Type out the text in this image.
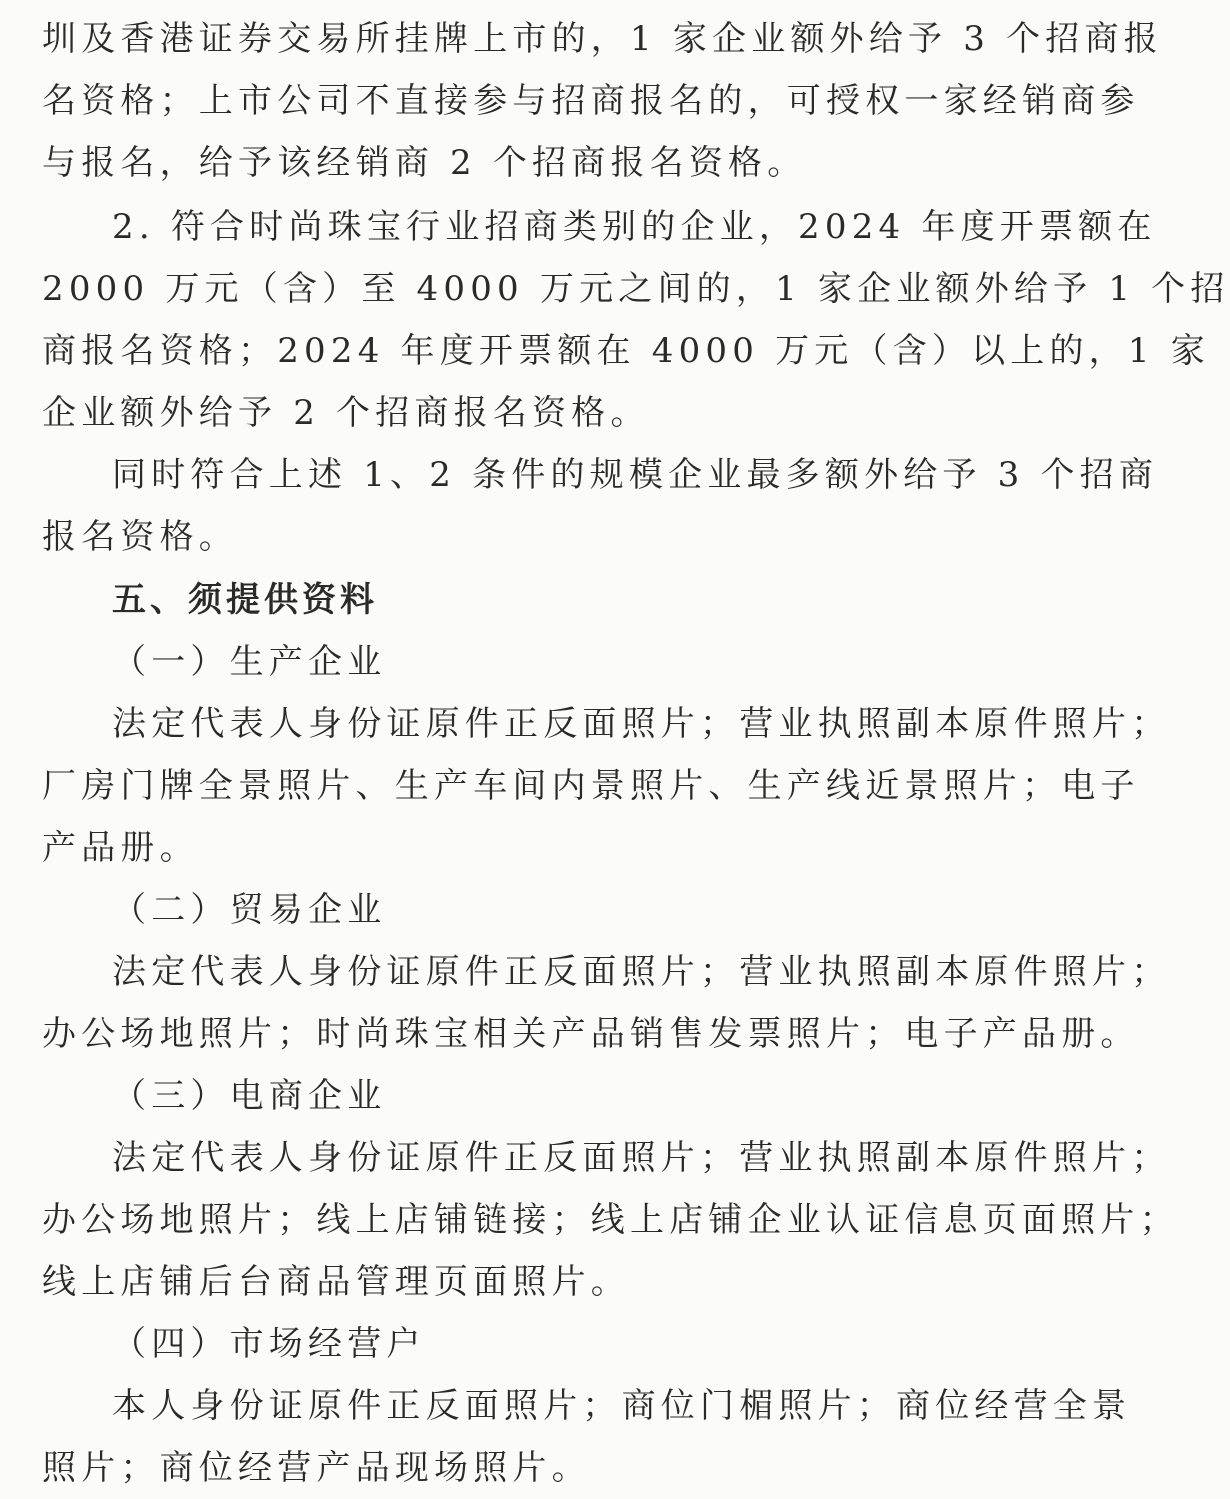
圳及香港证券交易所挂牌上市的，1 家企业额外给予 3 个招商报
名资格；上市公司不直接参与招商报名的，可授权一家经销商参
与报名，给予该经销商 2 个招商报名资格。
2. 符合时尚珠宝行业招商类别的企业，2024 年度开票额在
2000 万元（含）至 4000 万元之间的，1 家企业额外给予 1 个招
商报名资格；2024 年度开票额在 4000 万元（含）以上的，1 家
企业额外给予 2 个招商报名资格。
同时符合上述 1、2 条件的规模企业最多额外给予 3 个招商
报名资格。
五、须提供资料
（一）生产企业
法定代表人身份证原件正反面照片；营业执照副本原件照片；
厂房门牌全景照片、生产车间内景照片、生产线近景照片；电子
产品册。
（二）贸易企业
法定代表人身份证原件正反面照片；营业执照副本原件照片；
办公场地照片；时尚珠宝相关产品销售发票照片；电子产品册。
（三）电商企业
法定代表人身份证原件正反面照片；营业执照副本原件照片；
办公场地照片；线上店铺链接；线上店铺企业认证信息页面照片；
线上店铺后台商品管理页面照片。
（四）市场经营户
本人身份证原件正反面照片；商位门楣照片；商位经营全景
照片；商位经营产品现场照片。
